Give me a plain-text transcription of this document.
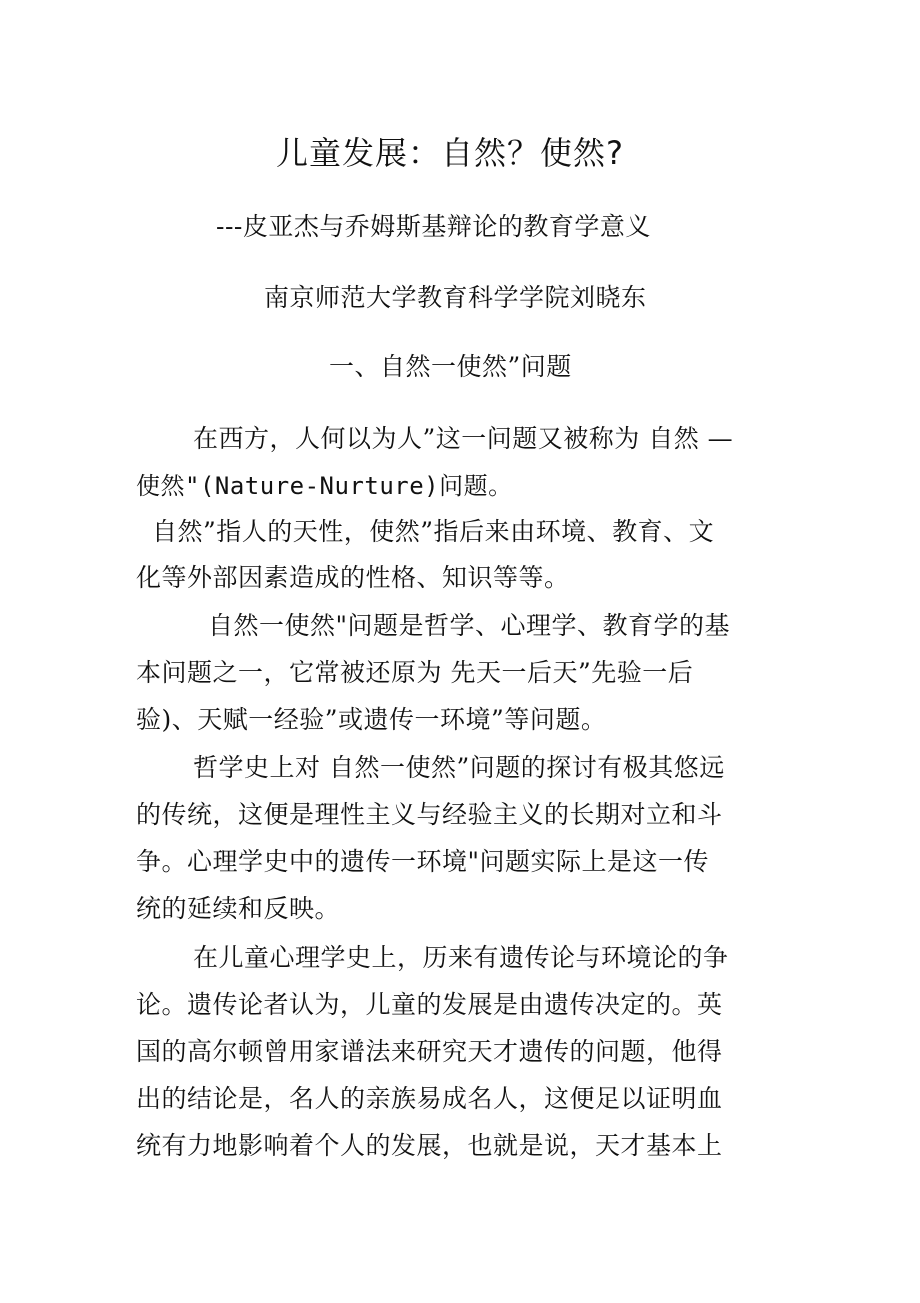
儿童发展：自然？使然?
---皮亚杰与乔姆斯基辩论的教育学意义
南京师范大学教育科学学院刘晓东
一、自然一使然”问题
在西方，人何以为人”这一问题又被称为 自然 —
使然"(Nature-Nurture)问题。
自然”指人的天性，使然”指后来由环境、教育、文
化等外部因素造成的性格、知识等等。
自然一使然"问题是哲学、心理学、教育学的基
本问题之一，它常被还原为 先天一后天”先验一后
验)、天赋一经验”或遗传一环境”等问题。
哲学史上对 自然一使然”问题的探讨有极其悠远
的传统，这便是理性主义与经验主义的长期对立和斗
争。心理学史中的遗传一环境"问题实际上是这一传
统的延续和反映。
在儿童心理学史上，历来有遗传论与环境论的争
论。遗传论者认为，儿童的发展是由遗传决定的。英
国的高尔顿曾用家谱法来研究天才遗传的问题，他得
出的结论是，名人的亲族易成名人，这便足以证明血
统有力地影响着个人的发展，也就是说，天才基本上
